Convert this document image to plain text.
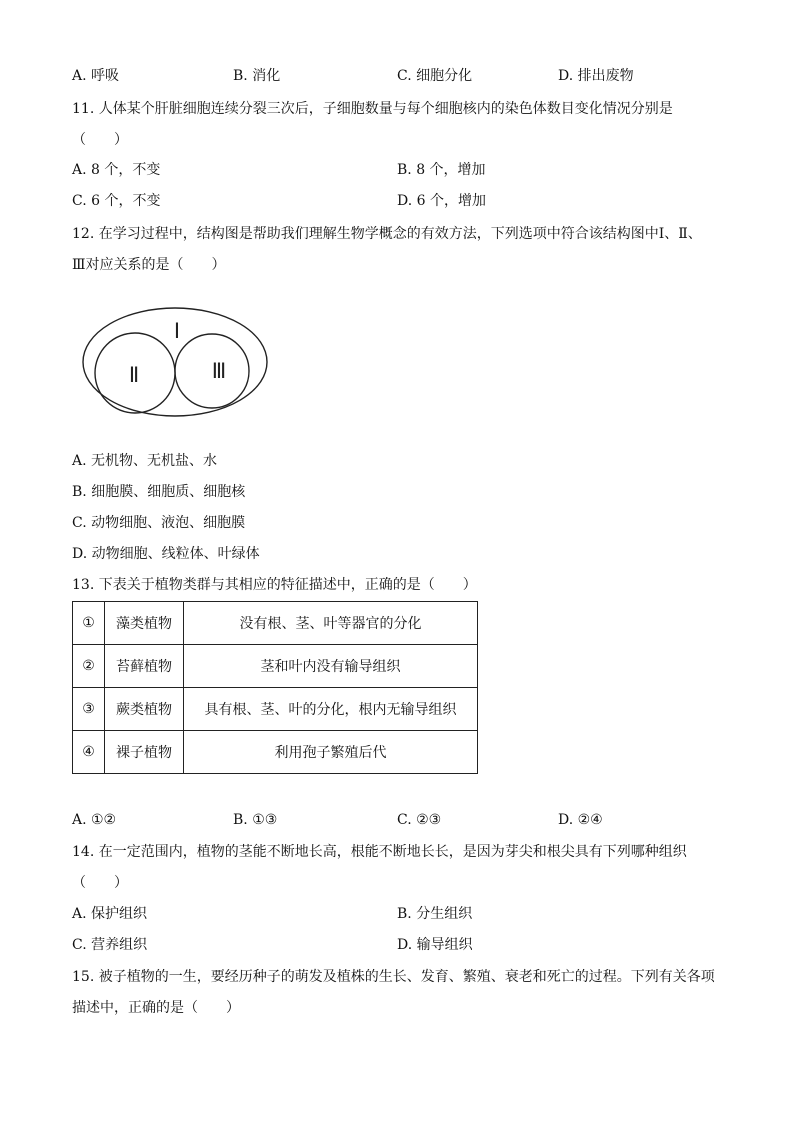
A. 呼吸	B. 消化	C. 细胞分化	D. 排出废物
11. 人体某个肝脏细胞连续分裂三次后，子细胞数量与每个细胞核内的染色体数目变化情况分别是
（　　）
A. 8 个，不变	B. 8 个，增加
C. 6 个，不变	D. 6 个，增加
12. 在学习过程中，结构图是帮助我们理解生物学概念的有效方法，下列选项中符合该结构图中Ⅰ、Ⅱ、
Ⅲ对应关系的是（　　）
Ⅰ
Ⅱ	Ⅲ
A. 无机物、无机盐、水
B. 细胞膜、细胞质、细胞核
C. 动物细胞、液泡、细胞膜
D. 动物细胞、线粒体、叶绿体
13. 下表关于植物类群与其相应的特征描述中，正确的是（　　）
①	藻类植物	没有根、茎、叶等器官的分化
②	苔藓植物	茎和叶内没有输导组织
③	蕨类植物	具有根、茎、叶的分化，根内无输导组织
④	裸子植物	利用孢子繁殖后代
A. ①②	B. ①③	C. ②③	D. ②④
14. 在一定范围内，植物的茎能不断地长高，根能不断地长长，是因为芽尖和根尖具有下列哪种组织
（　　）
A. 保护组织	B. 分生组织
C. 营养组织	D. 输导组织
15. 被子植物的一生，要经历种子的萌发及植株的生长、发育、繁殖、衰老和死亡的过程。下列有关各项
描述中，正确的是（　　）
